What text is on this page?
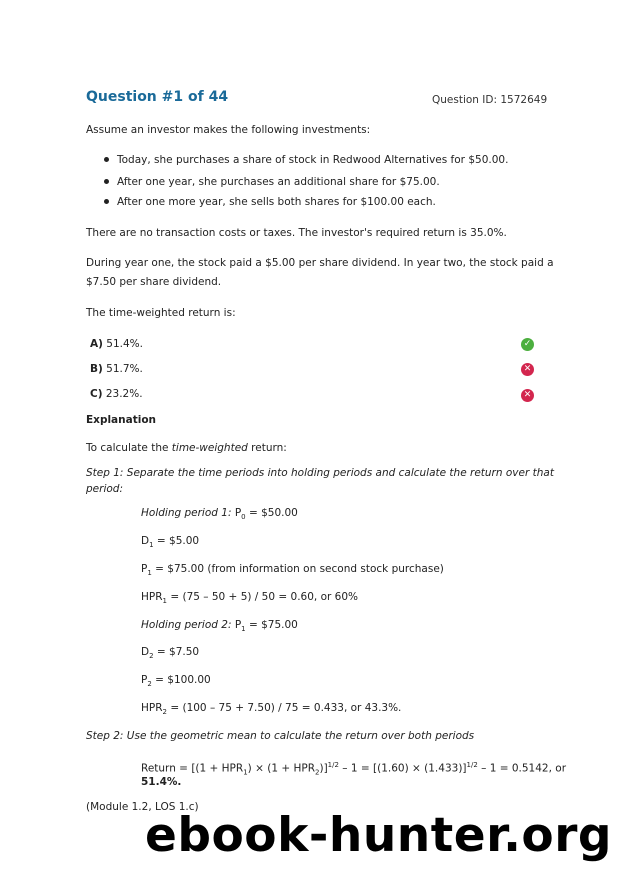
Question #1 of 44	Question ID: 1572649
Assume an investor makes the following investments:
Today, she purchases a share of stock in Redwood Alternatives for $50.00.
After one year, she purchases an additional share for $75.00.
After one more year, she sells both shares for $100.00 each.
There are no transaction costs or taxes. The investor's required return is 35.0%.
During year one, the stock paid a $5.00 per share dividend. In year two, the stock paid a
$7.50 per share dividend.
The time-weighted return is:
A) 51.4%.	✓
B) 51.7%.	✕
C) 23.2%.	✕
Explanation
To calculate the time-weighted return:
Step 1: Separate the time periods into holding periods and calculate the return over that
period:
Holding period 1: $P_0$ = $50.00
$D_1$ = $5.00
$P_1$ = $75.00 (from information on second stock purchase)
$HPR_1 = (75 - 50 + 5) / 50 = 0.60$, or 60%
Holding period 2: $P_1$ = $75.00
$D_2$ = $7.50
$P_2$ = $100.00
$HPR_2 = (100 - 75 + 7.50) / 75 = 0.433$, or 43.3%.
Step 2: Use the geometric mean to calculate the return over both periods
Return = $[(1 + HPR_1) \times (1 + HPR_2)]^{1/2} - 1 = [(1.60) \times (1.433)]^{1/2} - 1 = 0.5142$, or
51.4%.
(Module 1.2, LOS 1.c)
ebook-hunter.org
